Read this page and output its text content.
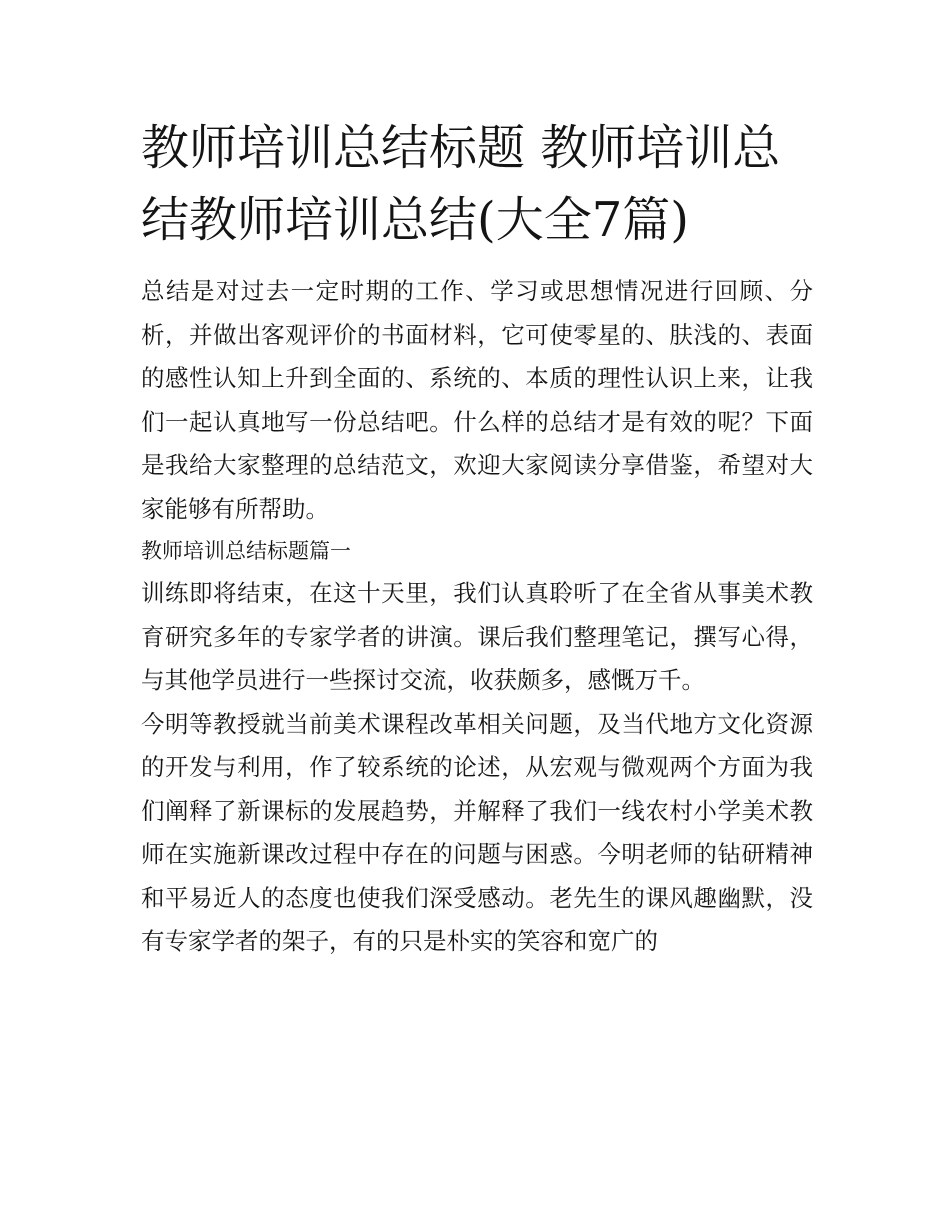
教师培训总结标题 教师培训总结教师培训总结(大全7篇)

总结是对过去一定时期的工作、学习或思想情况进行回顾、分析，并做出客观评价的书面材料，它可使零星的、肤浅的、表面的感性认知上升到全面的、系统的、本质的理性认识上来，让我们一起认真地写一份总结吧。什么样的总结才是有效的呢？下面是我给大家整理的总结范文，欢迎大家阅读分享借鉴，希望对大家能够有所帮助。

教师培训总结标题篇一

训练即将结束，在这十天里，我们认真聆听了在全省从事美术教育研究多年的专家学者的讲演。课后我们整理笔记，撰写心得，与其他学员进行一些探讨交流，收获颇多，感慨万千。

今明等教授就当前美术课程改革相关问题，及当代地方文化资源的开发与利用，作了较系统的论述，从宏观与微观两个方面为我们阐释了新课标的发展趋势，并解释了我们一线农村小学美术教师在实施新课改过程中存在的问题与困惑。今明老师的钻研精神和平易近人的态度也使我们深受感动。老先生的课风趣幽默，没有专家学者的架子，有的只是朴实的笑容和宽广的
